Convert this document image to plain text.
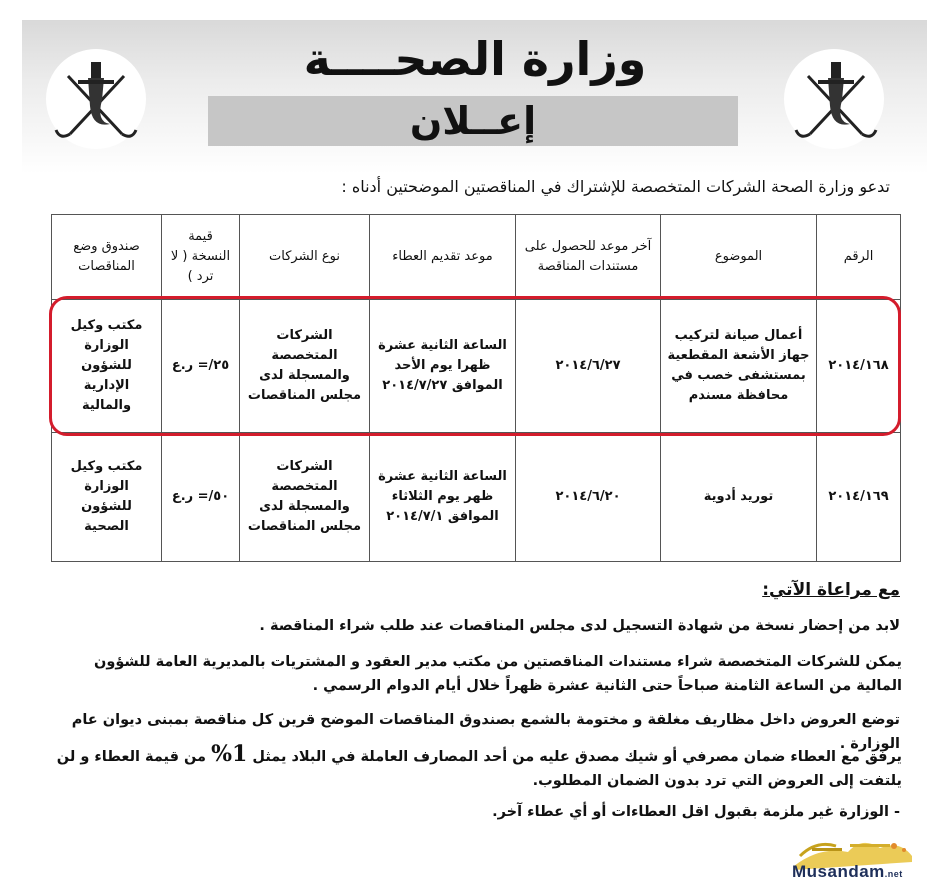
وزارة الصحــــة
إعــلان
تدعو وزارة الصحة الشركات المتخصصة للإشتراك في المناقصتين الموضحتين أدناه :
الرقم	الموضوع	آخر موعد للحصول على مستندات المناقصة	موعد تقديم العطاء	نوع الشركات	قيمة النسخة ( لا ترد )	صندوق وضع المناقصات
٢٠١٤/١٦٨	أعمال صيانة لتركيب جهاز الأشعة المقطعية بمستشفى خصب في محافظة مسندم	٢٠١٤/٦/٢٧	الساعة الثانية عشرة ظهرا يوم الأحد الموافق ٢٠١٤/٧/٢٧	الشركات المتخصصة والمسجلة لدى مجلس المناقصات	٢٥/= ر.ع	مكتب وكيل الوزارة للشؤون الإدارية والمالية
٢٠١٤/١٦٩	توريد أدوية	٢٠١٤/٦/٢٠	الساعة الثانية عشرة ظهر يوم الثلاثاء الموافق ٢٠١٤/٧/١	الشركات المتخصصة والمسجلة لدى مجلس المناقصات	٥٠/= ر.ع	مكتب وكيل الوزارة للشؤون الصحية
مع مراعاة الآتي:
لابد من إحضار نسخة من شهادة التسجيل لدى مجلس المناقصات عند طلب شراء المناقصة .
يمكن للشركات المتخصصة شراء مستندات المناقصتين من مكتب مدير العقود و المشتريات بالمديرية العامة للشؤون المالية من الساعة الثامنة صباحاً حتى الثانية عشرة ظهراً خلال أيام الدوام الرسمي .
توضع العروض داخل مظاريف مغلقة و مختومة بالشمع بصندوق المناقصات الموضح قرين كل مناقصة بمبنى ديوان عام الوزارة .
يرفق مع العطاء ضمان مصرفي أو شيك مصدق عليه من أحد المصارف العاملة في البلاد يمثل 1% من قيمة العطاء و لن يلتفت إلى العروض التي ترد بدون الضمان المطلوب.
- الوزارة غير ملزمة بقبول اقل العطاءات أو أي عطاء آخر.
Musandam.net
